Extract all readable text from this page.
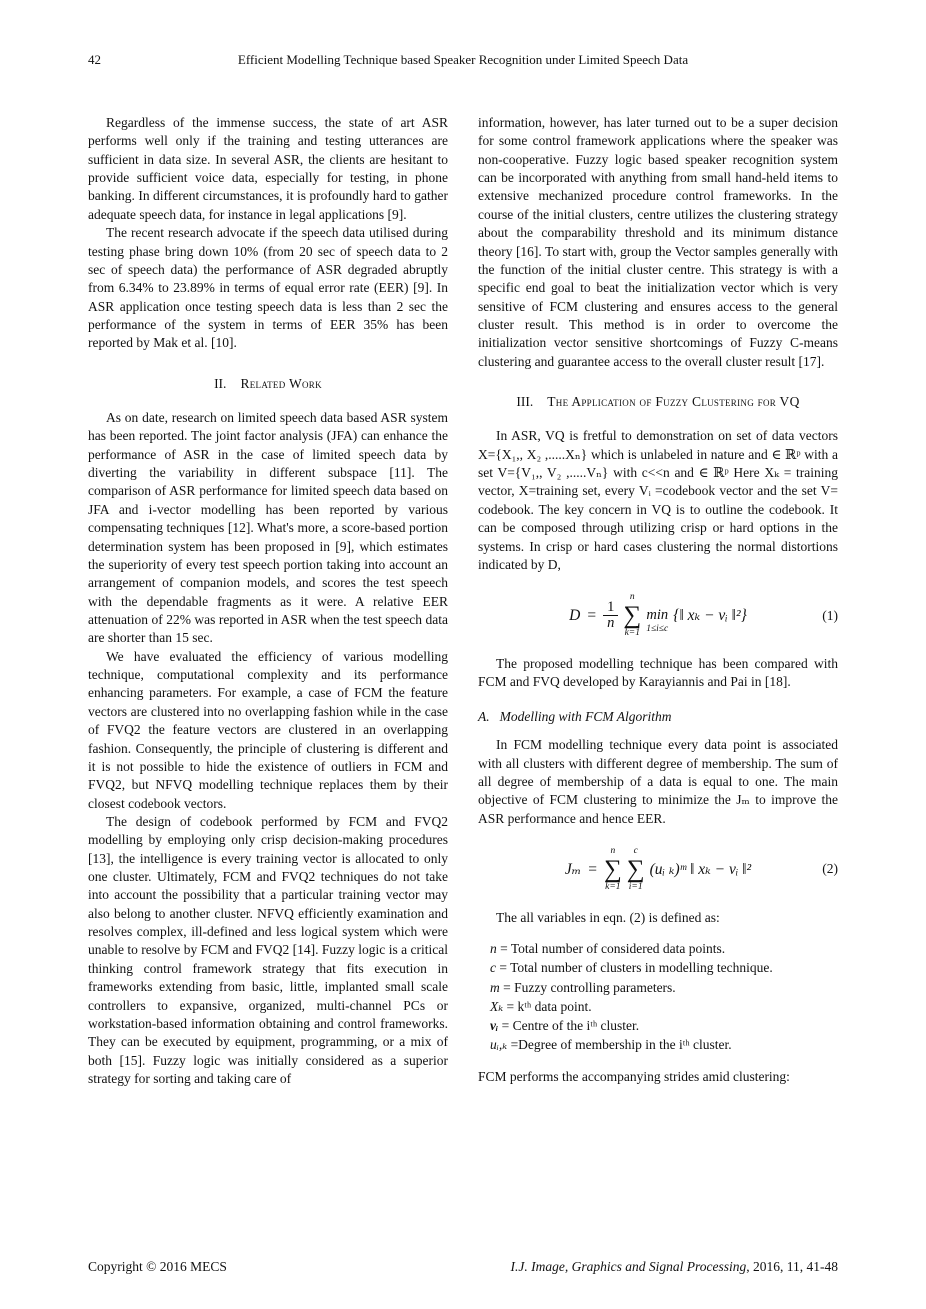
42	Efficient Modelling Technique based Speaker Recognition under Limited Speech Data

Regardless of the immense success, the state of art ASR performs well only if the training and testing utterances are sufficient in data size. In several ASR, the clients are hesitant to provide sufficient voice data, especially for testing, in phone banking. In different circumstances, it is profoundly hard to gather adequate speech data, for instance in legal applications [9].

The recent research advocate if the speech data utilised during testing phase bring down 10% (from 20 sec of speech data to 2 sec of speech data) the performance of ASR degraded abruptly from 6.34% to 23.89% in terms of equal error rate (EER) [9]. In ASR application once testing speech data is less than 2 sec the performance of the system in terms of EER 35% has been reported by Mak et al. [10].

II. Related Work

As on date, research on limited speech data based ASR system has been reported. The joint factor analysis (JFA) can enhance the performance of ASR in the case of limited speech data by diverting the variability in different subspace [11]. The comparison of ASR performance for limited speech data based on JFA and i-vector modelling has been reported by various compensating techniques [12]. What's more, a score-based portion determination system has been proposed in [9], which estimates the superiority of every test speech portion taking into account an arrangement of companion models, and scores the test speech with the dependable fragments as it were. A relative EER attenuation of 22% was reported in ASR when the test speech data are shorter than 15 sec.

We have evaluated the efficiency of various modelling technique, computational complexity and its performance enhancing parameters. For example, a case of FCM the feature vectors are clustered into no overlapping fashion while in the case of FVQ2 the feature vectors are clustered in an overlapping fashion. Consequently, the principle of clustering is different and it is not possible to hide the existence of outliers in FCM and FVQ2, but NFVQ modelling technique replaces them by their closest codebook vectors.

The design of codebook performed by FCM and FVQ2 modelling by employing only crisp decision-making procedures [13], the intelligence is every training vector is allocated to only one cluster. Ultimately, FCM and FVQ2 techniques do not take into account the possibility that a particular training vector may also belong to another cluster. NFVQ efficiently examination and resolves complex, ill-defined and less logical system which were unable to resolve by FCM and FVQ2 [14]. Fuzzy logic is a critical thinking control framework strategy that fits execution in frameworks extending from basic, little, implanted small scale controllers to expansive, organized, multi-channel PCs or workstation-based information obtaining and control frameworks. They can be executed by equipment, programming, or a mix of both [15]. Fuzzy logic was initially considered as a superior strategy for sorting and taking care of

information, however, has later turned out to be a super decision for some control framework applications where the speaker was non-cooperative. Fuzzy logic based speaker recognition system can be incorporated with anything from small hand-held items to extensive mechanized procedure control frameworks. In the course of the initial clusters, centre utilizes the clustering strategy about the comparability threshold and its minimum distance theory [16]. To start with, group the Vector samples generally with the function of the initial cluster centre. This strategy is with a specific end goal to beat the initialization vector which is very sensitive of FCM clustering and ensures access to the general cluster result. This method is in order to overcome the initialization vector sensitive shortcomings of Fuzzy C-means clustering and guarantee access to the overall cluster result [17].

III. The Application of Fuzzy Clustering for VQ

In ASR, VQ is fretful to demonstration on set of data vectors X={X₁,, X₂ ,.....Xₙ} which is unlabeled in nature and ∈ ℝᵖ with a set V={V₁,, V₂ ,.....Vₙ} with c<<n and ∈ ℝᵖ Here Xₖ = training vector, X=training set, every Vᵢ =codebook vector and the set V= codebook. The key concern in VQ is to outline the codebook. It can be composed through utilizing crisp or hard options in the systems. In crisp or hard cases clustering the normal distortions indicated by D,

$D = \frac{1}{n}$
n
∑
k=1

min
1≤i≤c
{‖ xₖ − vᵢ ‖²}	(1)

The proposed modelling technique has been compared with FCM and FVQ developed by Karayiannis and Pai in [18].

A. Modelling with FCM Algorithm

In FCM modelling technique every data point is associated with all clusters with different degree of membership. The sum of all degree of membership of a data is equal to one. The main objective of FCM clustering to minimize the Jₘ to improve the ASR performance and hence EER.

Jₘ =
n
∑
k=1
c
∑
i=1
(uᵢ ₖ)ᵐ ‖ xₖ − vᵢ ‖²	(2)

The all variables in eqn. (2) is defined as:

n = Total number of considered data points.
c = Total number of clusters in modelling technique.
m = Fuzzy controlling parameters.
Xₖ = kᵗʰ data point.
vᵢ = Centre of the iᵗʰ cluster.
uᵢ,ₖ =Degree of membership in the iᵗʰ cluster.

FCM performs the accompanying strides amid clustering:

Copyright © 2016 MECS	I.J. Image, Graphics and Signal Processing, 2016, 11, 41-48
